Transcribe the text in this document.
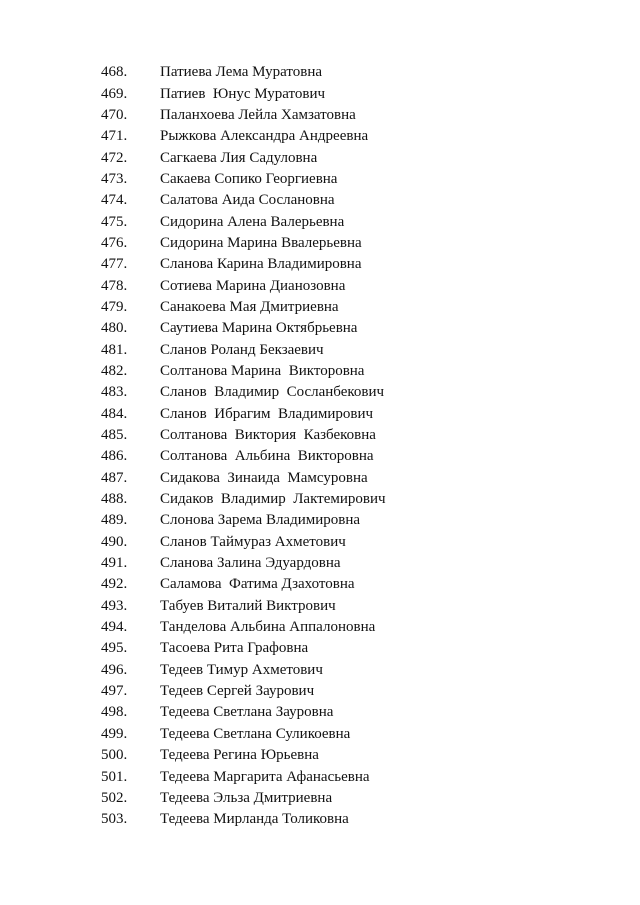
468.	Патиева Лема Муратовна
469.	Патиев  Юнус Муратович
470.	Паланхоева Лейла Хамзатовна
471.	Рыжкова Александра Андреевна
472.	Сагкаева Лия Садуловна
473.	Сакаева Сопико Георгиевна
474.	Салатова Аида Сослановна
475.	Сидорина Алена Валерьевна
476.	Сидорина Марина Ввалерьевна
477.	Сланова Карина Владимировна
478.	Сотиева Марина Дианозовна
479.	Санакоева Мая Дмитриевна
480.	Саутиева Марина Октябрьевна
481.	Сланов Роланд Бекзаевич
482.	Солтанова Марина  Викторовна
483.	Сланов  Владимир  Сосланбекович
484.	Сланов  Ибрагим  Владимирович
485.	Солтанова  Виктория  Казбековна
486.	Солтанова  Альбина  Викторовна
487.	Сидакова  Зинаида  Мамсуровна
488.	Сидаков  Владимир  Лактемирович
489.	Слонова Зарема Владимировна
490.	Сланов Таймураз Ахметович
491.	Сланова Залина Эдуардовна
492.	Саламова  Фатима Дзахотовна
493.	Табуев Виталий Виктрович
494.	Танделова Альбина Аппалоновна
495.	Тасоева Рита Графовна
496.	Тедеев Тимур Ахметович
497.	Тедеев Сергей Заурович
498.	Тедеева Светлана Зауровна
499.	Тедеева Светлана Суликоевна
500.	Тедеева Регина Юрьевна
501.	Тедеева Маргарита Афанасьевна
502.	Тедеева Эльза Дмитриевна
503.	Тедеева Мирланда Толиковна
